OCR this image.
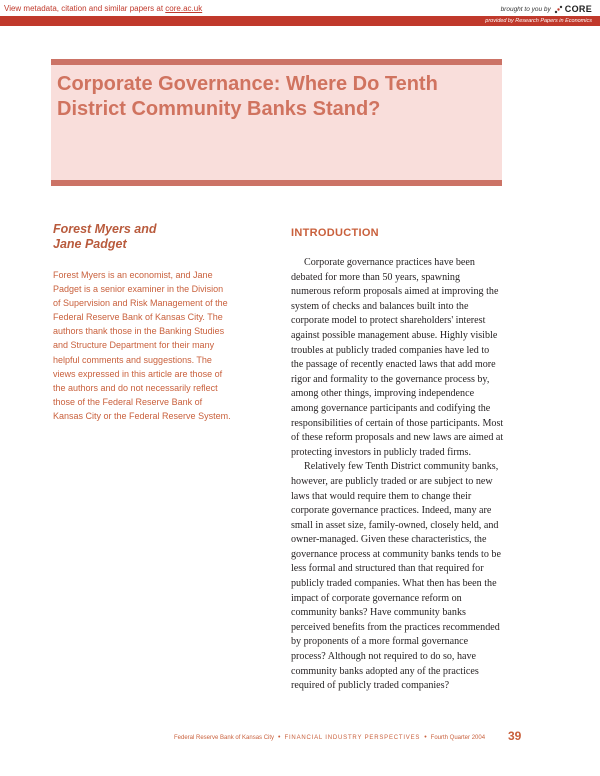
View metadata, citation and similar papers at core.ac.uk	brought to you by CORE
provided by Research Papers in Economics
Corporate Governance: Where Do Tenth District Community Banks Stand?
Forest Myers and
Jane Padget
Forest Myers is an economist, and Jane
Padget is a senior examiner in the Division
of Supervision and Risk Management of the
Federal Reserve Bank of Kansas City. The
authors thank those in the Banking Studies
and Structure Department for their many
helpful comments and suggestions. The
views expressed in this article are those of
the authors and do not necessarily reflect
those of the Federal Reserve Bank of
Kansas City or the Federal Reserve System.
INTRODUCTION
Corporate governance practices have been
debated for more than 50 years, spawning
numerous reform proposals aimed at improving the
system of checks and balances built into the
corporate model to protect shareholders' interest
against possible management abuse. Highly visible
troubles at publicly traded companies have led to
the passage of recently enacted laws that add more
rigor and formality to the governance process by,
among other things, improving independence
among governance participants and codifying the
responsibilities of certain of those participants. Most
of these reform proposals and new laws are aimed at
protecting investors in publicly traded firms.
Relatively few Tenth District community banks,
however, are publicly traded or are subject to new
laws that would require them to change their
corporate governance practices. Indeed, many are
small in asset size, family-owned, closely held, and
owner-managed. Given these characteristics, the
governance process at community banks tends to be
less formal and structured than that required for
publicly traded companies. What then has been the
impact of corporate governance reform on
community banks? Have community banks
perceived benefits from the practices recommended
by proponents of a more formal governance
process? Although not required to do so, have
community banks adopted any of the practices
required of publicly traded companies?
Federal Reserve Bank of Kansas City • FINANCIAL INDUSTRY PERSPECTIVES • Fourth Quarter 2004 39
